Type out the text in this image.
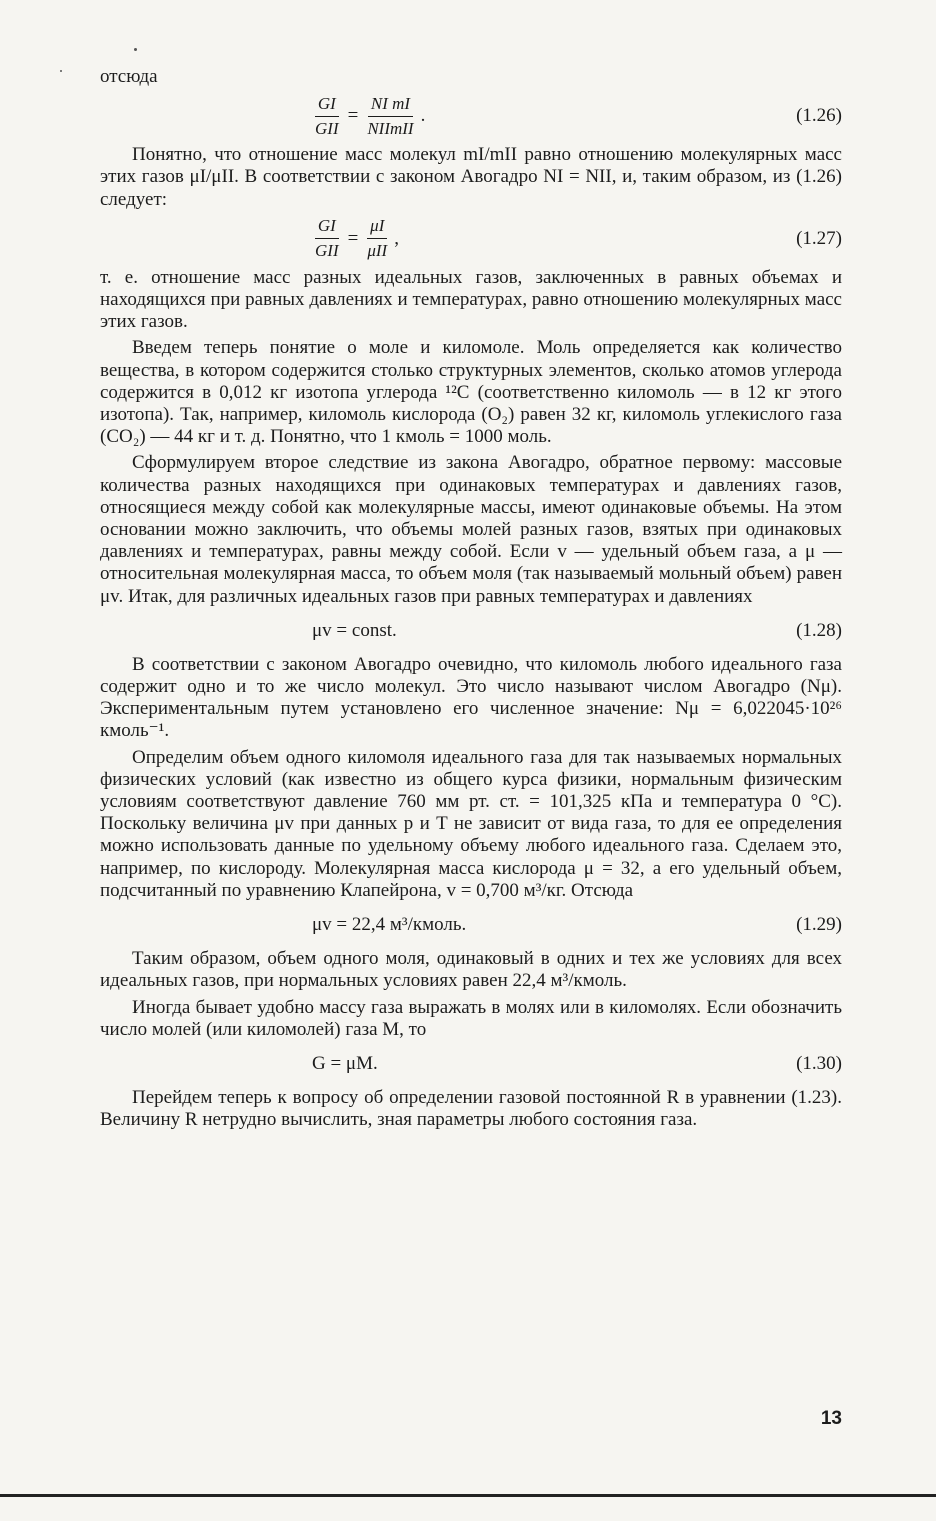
отсюда

$\frac{GI}{\text{GII}} = \frac{\text{NI mI}}{\text{NIImII}}$ .	(1.26)

Понятно, что отношение масс молекул mI/mII равно отношению молекулярных масс этих газов μI/μII. В соответствии с законом Авогадро NI = NII, и, таким образом, из (1.26) следует:

$\frac{GI}{\text{GII}} = \frac{\mu I}{\text{μII}}$ ,	(1.27)

т. е. отношение масс разных идеальных газов, заключенных в равных объемах и находящихся при равных давлениях и температурах, равно отношению молекулярных масс этих газов.

Введем теперь понятие о моле и киломоле. Моль определяется как количество вещества, в котором содержится столько структурных элементов, сколько атомов углерода содержится в 0,012 кг изотопа углерода ¹²C (соответственно киломоль — в 12 кг этого изотопа). Так, например, киломоль кислорода (O₂) равен 32 кг, киломоль углекислого газа (CO₂) — 44 кг и т. д. Понятно, что 1 кмоль = 1000 моль.

Сформулируем второе следствие из закона Авогадро, обратное первому: массовые количества разных находящихся при одинаковых температурах и давлениях газов, относящиеся между собой как молекулярные массы, имеют одинаковые объемы. На этом основании можно заключить, что объемы молей разных газов, взятых при одинаковых давлениях и температурах, равны между собой. Если v — удельный объем газа, а μ — относительная молекулярная масса, то объем моля (так называемый мольный объем) равен μv. Итак, для различных идеальных газов при равных температурах и давлениях

μv = const.	(1.28)

В соответствии с законом Авогадро очевидно, что киломоль любого идеального газа содержит одно и то же число молекул. Это число называют числом Авогадро (Nμ). Экспериментальным путем установлено его численное значение: Nμ = 6,022045·10²⁶ кмоль⁻¹.

Определим объем одного киломоля идеального газа для так называемых нормальных физических условий (как известно из общего курса физики, нормальным физическим условиям соответствуют давление 760 мм рт. ст. = 101,325 кПа и температура 0 °C). Поскольку величина μv при данных p и T не зависит от вида газа, то для ее определения можно использовать данные по удельному объему любого идеального газа. Сделаем это, например, по кислороду. Молекулярная масса кислорода μ = 32, а его удельный объем, подсчитанный по уравнению Клапейрона, v = 0,700 м³/кг. Отсюда

μv = 22,4 м³/кмоль.	(1.29)

Таким образом, объем одного моля, одинаковый в одних и тех же условиях для всех идеальных газов, при нормальных условиях равен 22,4 м³/кмоль.

Иногда бывает удобно массу газа выражать в молях или в киломолях. Если обозначить число молей (или киломолей) газа M, то

G = μM.	(1.30)

Перейдем теперь к вопросу об определении газовой постоянной R в уравнении (1.23). Величину R нетрудно вычислить, зная параметры любого состояния газа.

13
